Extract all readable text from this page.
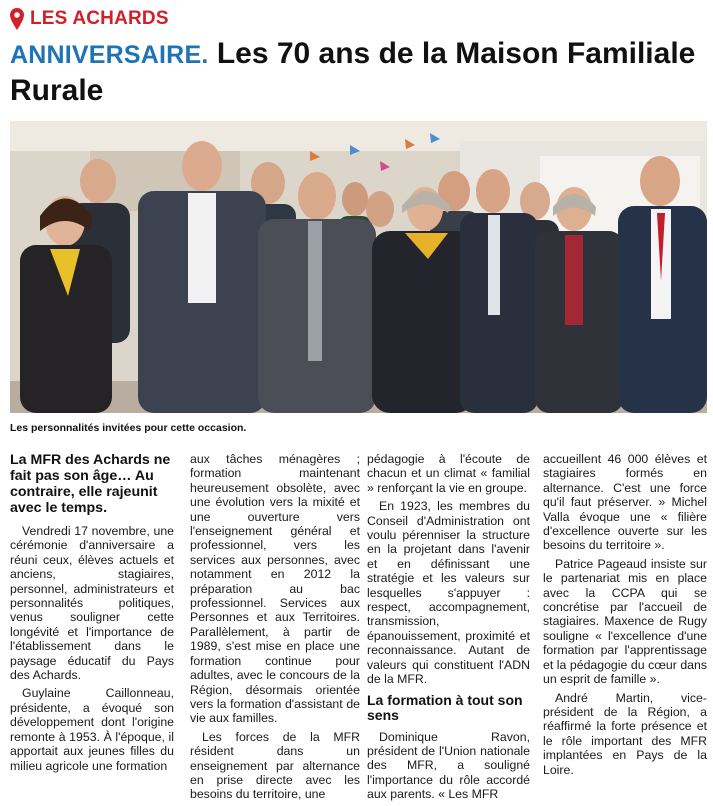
LES ACHARDS
ANNIVERSAIRE. Les 70 ans de la Maison Familiale Rurale
Les personnalités invitées pour cette occasion.
La MFR des Achards ne fait pas son âge… Au contraire, elle rajeunit avec le temps.

Vendredi 17 novembre, une cérémonie d'anniversaire a réuni ceux, élèves actuels et anciens, stagiaires, personnel, administrateurs et personnalités politiques, venus souligner cette longévité et l'importance de l'établissement dans le paysage éducatif du Pays des Achards.

Guylaine Caillonneau, présidente, a évoqué son développement dont l'origine remonte à 1953. À l'époque, il apportait aux jeunes filles du milieu agricole une formation

aux tâches ménagères ; formation maintenant heureusement obsolète, avec une évolution vers la mixité et une ouverture vers l'enseignement général et professionnel, vers les services aux personnes, avec notamment en 2012 la préparation au bac professionnel. Services aux Personnes et aux Territoires. Parallèlement, à partir de 1989, s'est mise en place une formation continue pour adultes, avec le concours de la Région, désormais orientée vers la formation d'assistant de vie aux familles.

Les forces de la MFR résident dans un enseignement par alternance en prise directe avec les besoins du territoire, une

pédagogie à l'écoute de chacun et un climat « familial » renforçant la vie en groupe.

En 1923, les membres du Conseil d'Administration ont voulu pérenniser la structure en la projetant dans l'avenir et en définissant une stratégie et les valeurs sur lesquelles s'appuyer : respect, accompagnement, transmission, épanouissement, proximité et reconnaissance. Autant de valeurs qui constituent l'ADN de la MFR.

La formation à tout son sens

Dominique Ravon, président de l'Union nationale des MFR, a souligné l'importance du rôle accordé aux parents. « Les MFR

accueillent 46 000 élèves et stagiaires formés en alternance. C'est une force qu'il faut préserver. » Michel Valla évoque une « filière d'excellence ouverte sur les besoins du territoire ».

Patrice Pageaud insiste sur le partenariat mis en place avec la CCPA qui se concrétise par l'accueil de stagiaires. Maxence de Rugy souligne « l'excellence d'une formation par l'apprentissage et la pédagogie du cœur dans un esprit de famille ».

André Martin, vice-président de la Région, a réaffirmé la forte présence et le rôle important des MFR implantées en Pays de la Loire.
